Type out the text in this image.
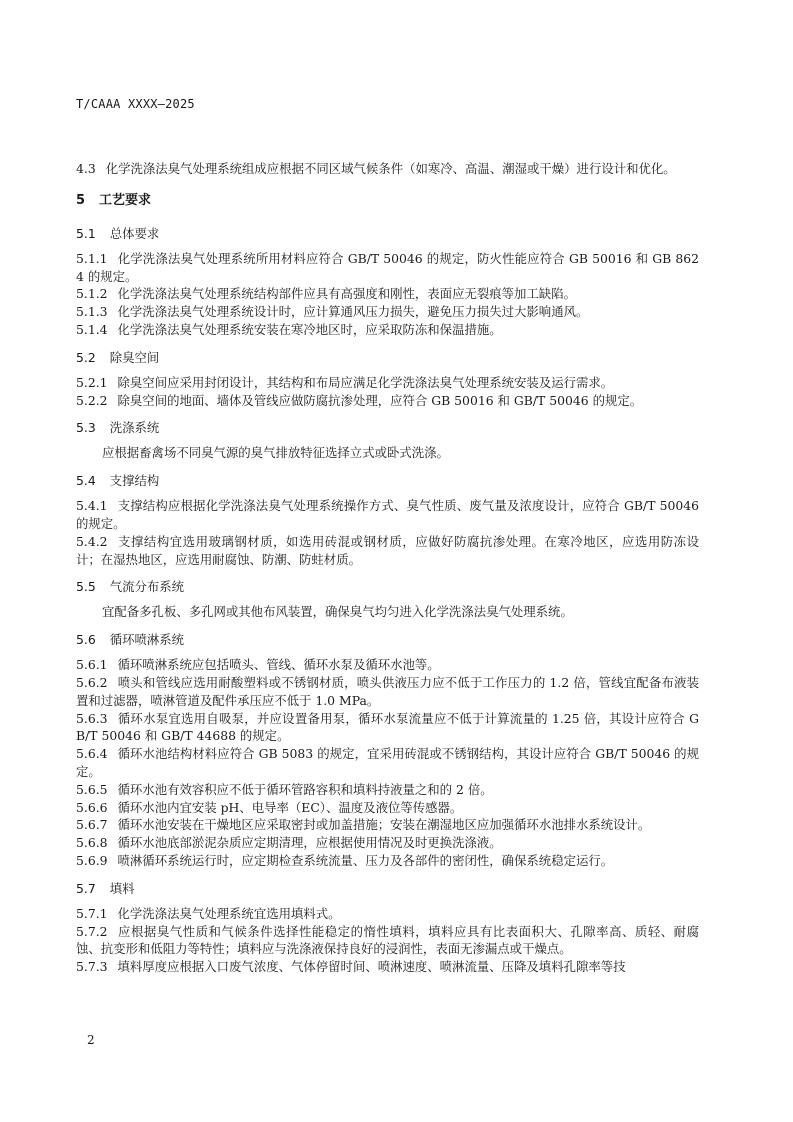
T/CAAA XXXX—2025

4.3 化学洗涤法臭气处理系统组成应根据不同区域气候条件（如寒冷、高温、潮湿或干燥）进行设计和优化。

5 工艺要求
5.1 总体要求

5.1.1 化学洗涤法臭气处理系统所用材料应符合 GB/T 50046 的规定，防火性能应符合 GB 50016 和 GB 8624 的规定。

5.1.2 化学洗涤法臭气处理系统结构部件应具有高强度和刚性，表面应无裂痕等加工缺陷。

5.1.3 化学洗涤法臭气处理系统设计时，应计算通风压力损失，避免压力损失过大影响通风。

5.1.4 化学洗涤法臭气处理系统安装在寒冷地区时，应采取防冻和保温措施。

5.2 除臭空间

5.2.1 除臭空间应采用封闭设计，其结构和布局应满足化学洗涤法臭气处理系统安装及运行需求。

5.2.2 除臭空间的地面、墙体及管线应做防腐抗渗处理，应符合 GB 50016 和 GB/T 50046 的规定。

5.3 洗涤系统

应根据畜禽场不同臭气源的臭气排放特征选择立式或卧式洗涤。

5.4 支撑结构

5.4.1 支撑结构应根据化学洗涤法臭气处理系统操作方式、臭气性质、废气量及浓度设计，应符合 GB/T 50046 的规定。

5.4.2 支撑结构宜选用玻璃钢材质，如选用砖混或钢材质，应做好防腐抗渗处理。在寒冷地区，应选用防冻设计；在湿热地区，应选用耐腐蚀、防潮、防蛀材质。

5.5 气流分布系统

宜配备多孔板、多孔网或其他布风装置，确保臭气均匀进入化学洗涤法臭气处理系统。

5.6 循环喷淋系统

5.6.1 循环喷淋系统应包括喷头、管线、循环水泵及循环水池等。

5.6.2 喷头和管线应选用耐酸塑料或不锈钢材质，喷头供液压力应不低于工作压力的 1.2 倍，管线宜配备布液装置和过滤器，喷淋管道及配件承压应不低于 1.0 MPa。

5.6.3 循环水泵宜选用自吸泵，并应设置备用泵，循环水泵流量应不低于计算流量的 1.25 倍，其设计应符合 GB/T 50046 和 GB/T 44688 的规定。

5.6.4 循环水池结构材料应符合 GB 5083 的规定，宜采用砖混或不锈钢结构，其设计应符合 GB/T 50046 的规定。

5.6.5 循环水池有效容积应不低于循环管路容积和填料持液量之和的 2 倍。

5.6.6 循环水池内宜安装 pH、电导率（EC）、温度及液位等传感器。

5.6.7 循环水池安装在干燥地区应采取密封或加盖措施；安装在潮湿地区应加强循环水池排水系统设计。

5.6.8 循环水池底部淤泥杂质应定期清理，应根据使用情况及时更换洗涤液。

5.6.9 喷淋循环系统运行时，应定期检查系统流量、压力及各部件的密闭性，确保系统稳定运行。

5.7 填料

5.7.1 化学洗涤法臭气处理系统宜选用填料式。

5.7.2 应根据臭气性质和气候条件选择性能稳定的惰性填料，填料应具有比表面积大、孔隙率高、质轻、耐腐蚀、抗变形和低阻力等特性；填料应与洗涤液保持良好的浸润性，表面无渗漏点或干燥点。

5.7.3 填料厚度应根据入口废气浓度、气体停留时间、喷淋速度、喷淋流量、压降及填料孔隙率等技

2
